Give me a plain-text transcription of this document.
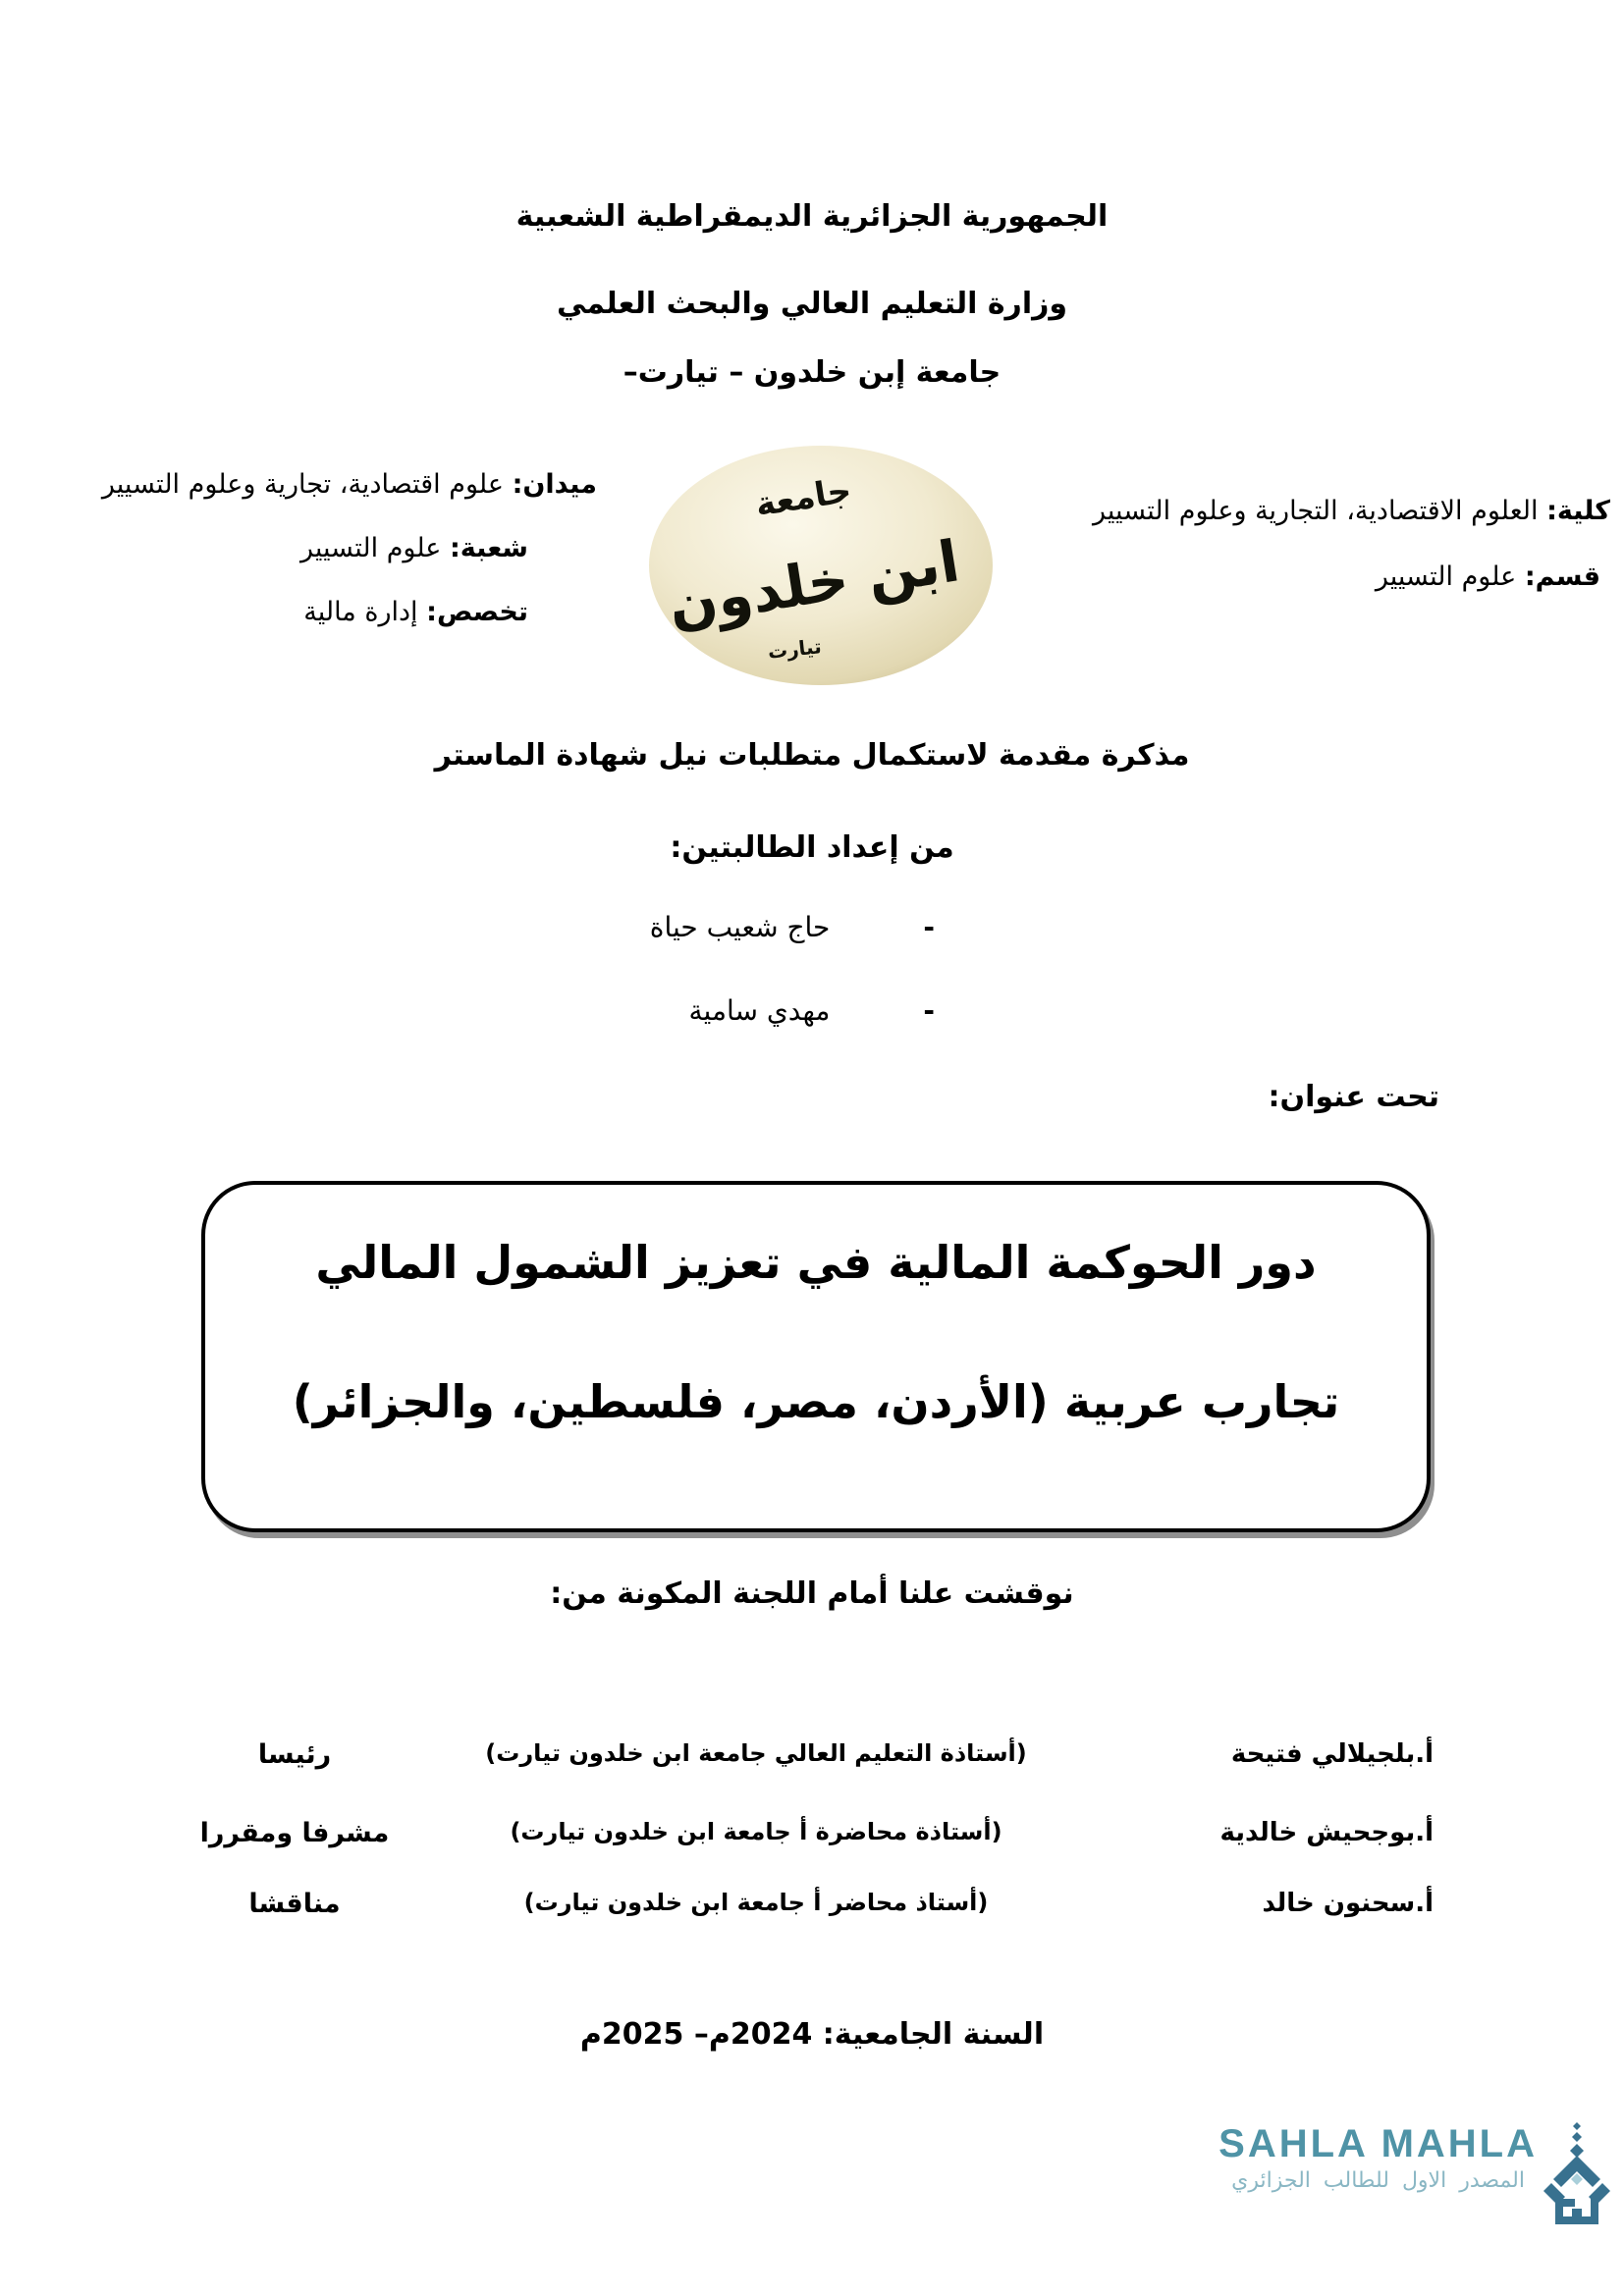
الجمهورية الجزائرية الديمقراطية الشعبية
وزارة التعليم العالي والبحث العلمي
جامعة إبن خلدون – تيارت–
كلية: العلوم الاقتصادية، التجارية وعلوم التسيير
قسم: علوم التسيير
ميدان: علوم اقتصادية، تجارية وعلوم التسيير
شعبة: علوم التسيير
تخصص: إدارة مالية
جامعة
ابن خلدون
تيارت
مذكرة مقدمة لاستكمال متطلبات نيل شهادة الماستر
من إعداد الطالبتين:
-
حاج شعيب حياة
-
مهدي سامية
تحت عنوان:
دور الحوكمة المالية في تعزيز الشمول المالي
تجارب عربية (الأردن، مصر، فلسطين، والجزائر)
نوقشت علنا أمام اللجنة المكونة من:
أ.بلجيلالي فتيحة
(أستاذة التعليم العالي جامعة ابن خلدون تيارت)
رئيسا
أ.بوجحيش خالدية
(أستاذة محاضرة أ جامعة ابن خلدون تيارت)
مشرفا ومقررا
أ.سحنون خالد
(أستاذ محاضر أ جامعة ابن خلدون تيارت)
مناقشا
السنة الجامعية: 2024م– 2025م
SAHLA MAHLA
المصدر الاول للطالب الجزائري
